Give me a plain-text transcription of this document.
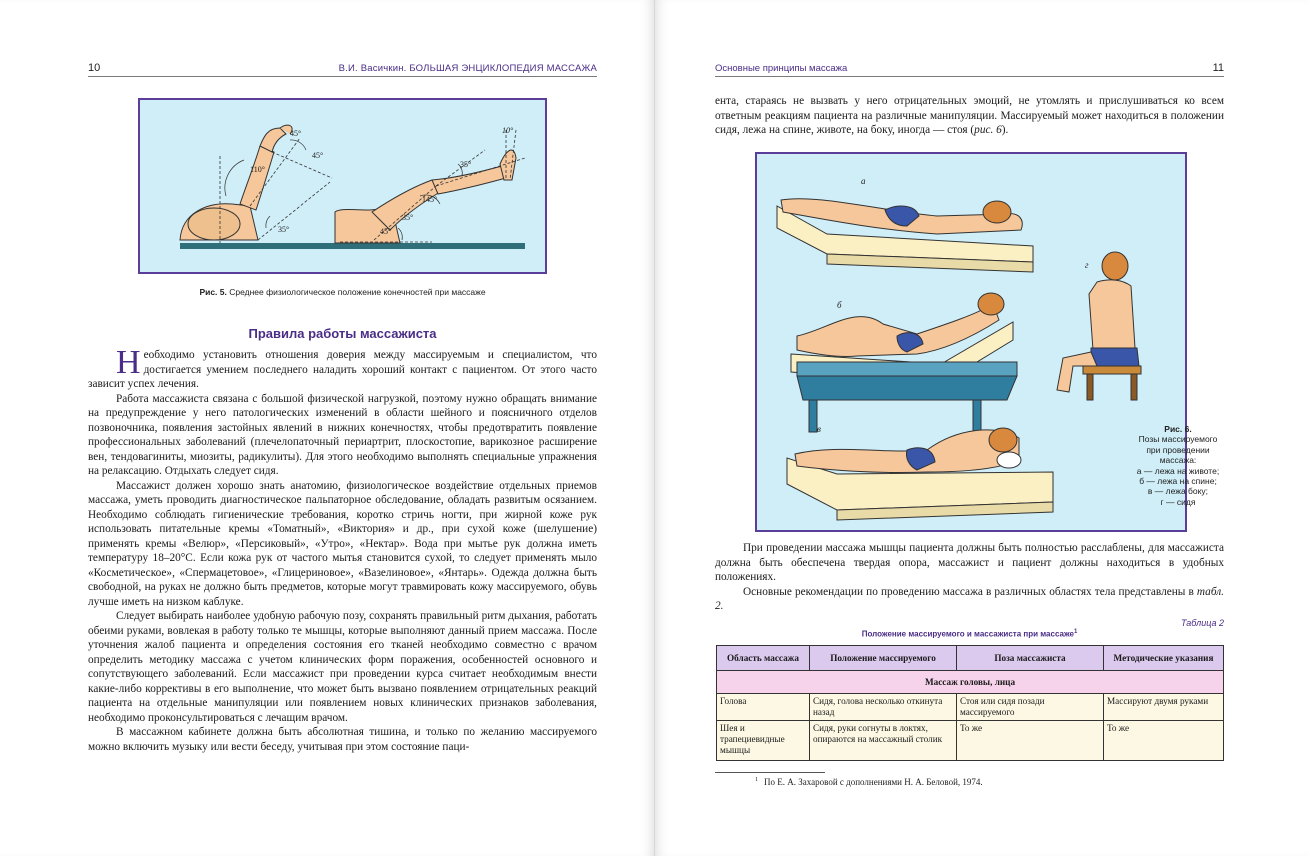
10	В.И. Васичкин. БОЛЬШАЯ ЭНЦИКЛОПЕДИЯ МАССАЖА
45°
45°
110°
35°
10°
35°
145°
35°
45°
Рис. 5. Среднее физиологическое положение конечностей при массаже
Правила работы массажиста

Необходимо установить отношения доверия между массируемым и специалистом, что достигается умением последнего наладить хороший контакт с пациентом. От этого часто зависит успех лечения.

Работа массажиста связана с большой физической нагрузкой, поэтому нужно обращать внимание на предупреждение у него патологических изменений в области шейного и поясничного отделов позвоночника, появления застойных явлений в нижних конечностях, чтобы предотвратить появление профессиональных заболеваний (плечелопаточный периартрит, плоскостопие, варикозное расширение вен, тендовагиниты, миозиты, радикулиты). Для этого необходимо выполнять специальные упражнения на релаксацию. Отдыхать следует сидя.

Массажист должен хорошо знать анатомию, физиологическое воздействие отдельных приемов массажа, уметь проводить диагностическое пальпаторное обследование, обладать развитым осязанием. Необходимо соблюдать гигиенические требования, коротко стричь ногти, при жирной коже рук использовать питательные кремы «Томатный», «Виктория» и др., при сухой коже (шелушение) применять кремы «Велюр», «Персиковый», «Утро», «Нектар». Вода при мытье рук должна иметь температуру 18–20°С. Если кожа рук от частого мытья становится сухой, то следует применять мыло «Косметическое», «Спермацетовое», «Глицериновое», «Вазелиновое», «Янтарь». Одежда должна быть свободной, на руках не должно быть предметов, которые могут травмировать кожу массируемого, обувь лучше иметь на низком каблуке.

Следует выбирать наиболее удобную рабочую позу, сохранять правильный ритм дыхания, работать обеими руками, вовлекая в работу только те мышцы, которые выполняют данный прием массажа. После уточнения жалоб пациента и определения состояния его тканей необходимо совместно с врачом определить методику массажа с учетом клинических форм поражения, особенностей основного и сопутствующего заболеваний. Если массажист при проведении курса считает необходимым внести какие-либо коррективы в его выполнение, что может быть вызвано появлением отрицательных реакций пациента на отдельные манипуляции или появлением новых клинических признаков заболевания, необходимо проконсультироваться с лечащим врачом.

В массажном кабинете должна быть абсолютная тишина, и только по желанию массируемого можно включить музыку или вести беседу, учитывая при этом состояние паци-

Основные принципы массажа	11

ента, стараясь не вызвать у него отрицательных эмоций, не утомлять и прислушиваться ко всем ответным реакциям пациента на различные манипуляции. Массируемый может находиться в положении сидя, лежа на спине, животе, на боку, иногда — стоя (рис. 6).

а
б
в
г
Рис. 6.
Позы массируемого
при проведении
массажа:
а — лежа на животе;
б — лежа на спине;
в — лежа боку;
г — сидя

При проведении массажа мышцы пациента должны быть полностью расслаблены, для массажиста должна быть обеспечена твердая опора, массажист и пациент должны находиться в удобных положениях.

Основные рекомендации по проведению массажа в различных областях тела представлены в табл. 2.

Таблица 2
Положение массируемого и массажиста при массаже$^1$
Область массажа	Положение массируемого	Поза массажиста	Методические указания
Массаж головы, лица			
Голова	Сидя, голова несколько откинута назад	Стоя или сидя позади массируемого	Массируют двумя руками
Шея и трапециевидные мышцы	Сидя, руки согнуты в локтях, опираются на массажный столик	То же	То же
$^1$ По Е. А. Захаровой с дополнениями Н. А. Беловой, 1974.
